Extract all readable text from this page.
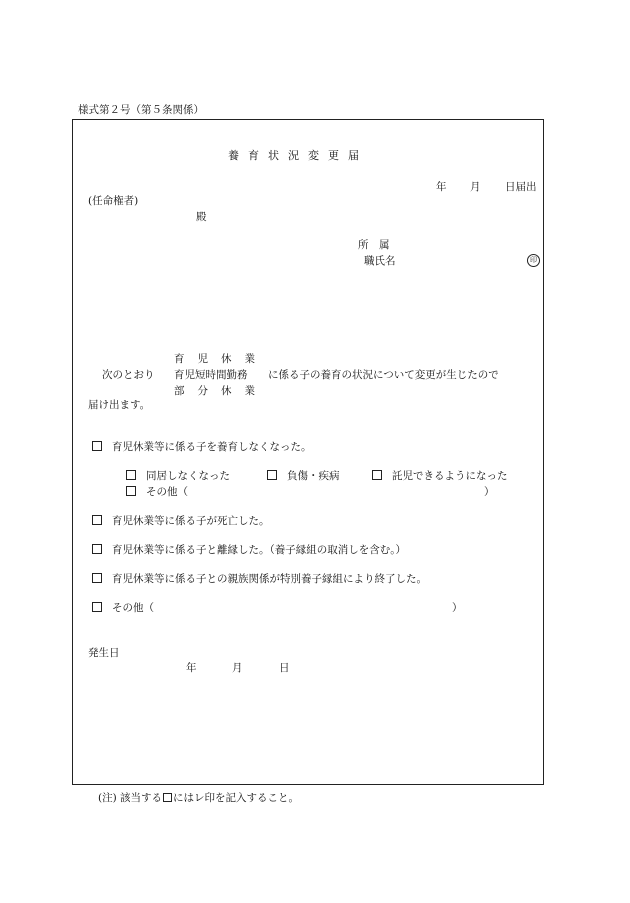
様式第２号（第５条関係）
養育状況変更届
年 月 日届出
(任命権者)
殿
所　属
職氏名	印
育児休業
次のとおり 育児短時間勤務 に係る子の養育の状況について変更が生じたので
部分休業
届け出ます。
育児休業等に係る子を養育しなくなった。
同居しなくなった	負傷・疾病	託児できるようになった
その他（	）
育児休業等に係る子が死亡した。
育児休業等に係る子と離縁した。（養子縁組の取消しを含む。）
育児休業等に係る子との親族関係が特別養子縁組により終了した。
その他（	）
発生日
年	月	日
(注) 該当する にはレ印を記入すること。
